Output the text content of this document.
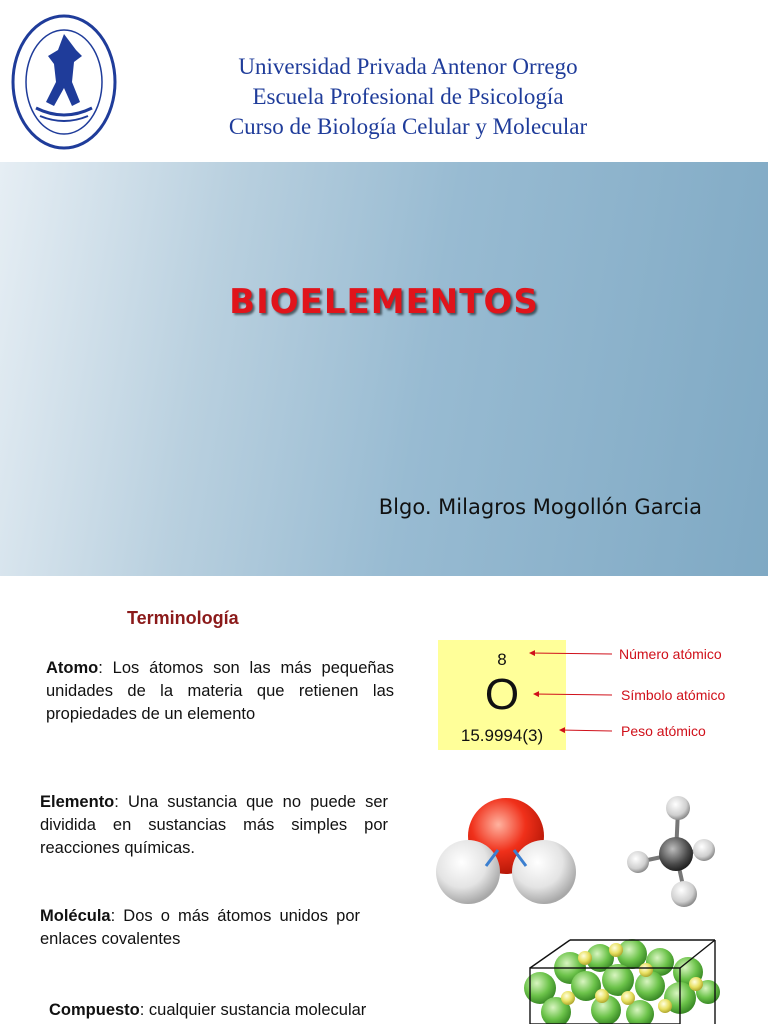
Universidad Privada Antenor Orrego
Escuela Profesional de Psicología
Curso de Biología Celular y Molecular
BIOELEMENTOS
Blgo. Milagros Mogollón Garcia
Terminología
Atomo: Los átomos son las más pequeñas unidades de la materia que retienen las propiedades de un elemento
Elemento: Una sustancia que no puede ser dividida en sustancias más simples por reacciones químicas.
Molécula: Dos o más átomos unidos por enlaces covalentes
Compuesto: cualquier sustancia molecular
8
O
15.9994(3)
Número atómico
Símbolo atómico
Peso atómico
